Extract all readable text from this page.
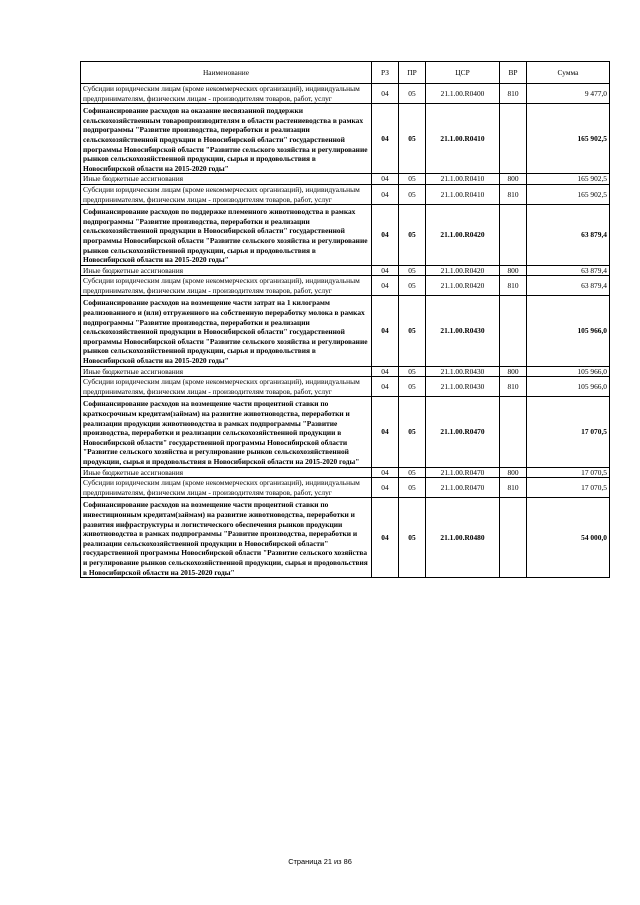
Наименование	РЗ	ПР	ЦСР	ВР	Сумма
Субсидии юридическим лицам (кроме некоммерческих организаций), индивидуальным предпринимателям, физическим лицам - производителям товаров, работ, услуг	04	05	21.1.00.R0400	810	9 477,0
Софинансирование расходов на оказание несвязанной поддержки сельскохозяйственным товаропроизводителям в области растениеводства в рамках подпрограммы "Развитие производства, переработки и реализации сельскохозяйственной продукции в Новосибирской области" государственной программы Новосибирской области "Развитие сельского хозяйства и регулирование рынков сельскохозяйственной продукции, сырья и продовольствия в Новосибирской области на 2015-2020 годы"	04	05	21.1.00.R0410		165 902,5
Иные бюджетные ассигнования	04	05	21.1.00.R0410	800	165 902,5
Субсидии юридическим лицам (кроме некоммерческих организаций), индивидуальным предпринимателям, физическим лицам - производителям товаров, работ, услуг	04	05	21.1.00.R0410	810	165 902,5
Софинансирование расходов по поддержке племенного животноводства в рамках подпрограммы "Развитие производства, переработки и реализации сельскохозяйственной продукции в Новосибирской области" государственной программы Новосибирской области "Развитие сельского хозяйства и регулирование рынков сельскохозяйственной продукции, сырья и продовольствия в Новосибирской области на 2015-2020 годы"	04	05	21.1.00.R0420		63 879,4
Иные бюджетные ассигнования	04	05	21.1.00.R0420	800	63 879,4
Субсидии юридическим лицам (кроме некоммерческих организаций), индивидуальным предпринимателям, физическим лицам - производителям товаров, работ, услуг	04	05	21.1.00.R0420	810	63 879,4
Софинансирование расходов на возмещение части затрат на 1 килограмм реализованного и (или) отгруженного на собственную переработку молока в рамках подпрограммы "Развитие производства, переработки и реализации сельскохозяйственной продукции в Новосибирской области" государственной программы Новосибирской области "Развитие сельского хозяйства и регулирование рынков сельскохозяйственной продукции, сырья и продовольствия в Новосибирской области на 2015-2020 годы"	04	05	21.1.00.R0430		105 966,0
Иные бюджетные ассигнования	04	05	21.1.00.R0430	800	105 966,0
Субсидии юридическим лицам (кроме некоммерческих организаций), индивидуальным предпринимателям, физическим лицам - производителям товаров, работ, услуг	04	05	21.1.00.R0430	810	105 966,0
Софинансирование расходов на возмещение части процентной ставки по краткосрочным кредитам(займам) на развитие животноводства, переработки и реализации продукции животноводства в рамках подпрограммы "Развитие производства, переработки и реализации сельскохозяйственной продукции в Новосибирской области" государственной программы Новосибирской области "Развитие сельского хозяйства и регулирование рынков сельскохозяйственной продукции, сырья и продовольствия в Новосибирской области на 2015-2020 годы"	04	05	21.1.00.R0470		17 070,5
Иные бюджетные ассигнования	04	05	21.1.00.R0470	800	17 070,5
Субсидии юридическим лицам (кроме некоммерческих организаций), индивидуальным предпринимателям, физическим лицам - производителям товаров, работ, услуг	04	05	21.1.00.R0470	810	17 070,5
Софинансирование расходов на возмещение части процентной ставки по инвестиционным кредитам(займам) на развитие животноводства, переработки и развития инфраструктуры и логистического обеспечения рынков продукции животноводства в рамках подпрограммы "Развитие производства, переработки и реализации сельскохозяйственной продукции в Новосибирской области" государственной программы Новосибирской области "Развитие сельского хозяйства и регулирование рынков сельскохозяйственной продукции, сырья и продовольствия в Новосибирской области на 2015-2020 годы"	04	05	21.1.00.R0480		54 000,0
Страница 21 из 86
